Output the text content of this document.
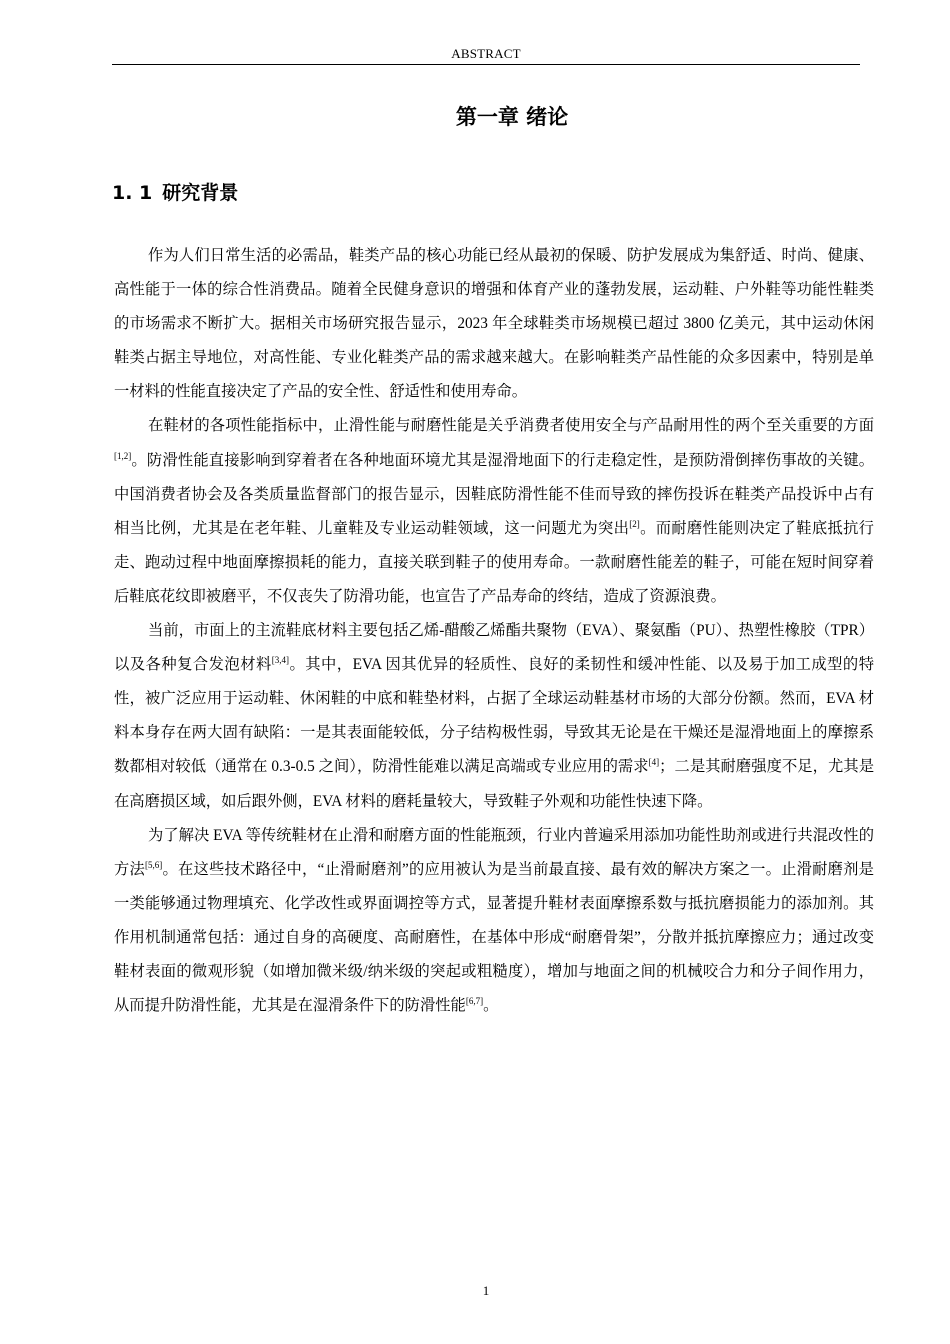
ABSTRACT
第一章 绪论
1. 1 研究背景

作为人们日常生活的必需品，鞋类产品的核心功能已经从最初的保暖、防护发展成为集舒适、时尚、健康、高性能于一体的综合性消费品。随着全民健身意识的增强和体育产业的蓬勃发展，运动鞋、户外鞋等功能性鞋类的市场需求不断扩大。据相关市场研究报告显示，2023 年全球鞋类市场规模已超过 3800 亿美元，其中运动休闲鞋类占据主导地位，对高性能、专业化鞋类产品的需求越来越大。在影响鞋类产品性能的众多因素中，特别是单一材料的性能直接决定了产品的安全性、舒适性和使用寿命。

在鞋材的各项性能指标中，止滑性能与耐磨性能是关乎消费者使用安全与产品耐用性的两个至关重要的方面[1,2]。防滑性能直接影响到穿着者在各种地面环境尤其是湿滑地面下的行走稳定性，是预防滑倒摔伤事故的关键。中国消费者协会及各类质量监督部门的报告显示，因鞋底防滑性能不佳而导致的摔伤投诉在鞋类产品投诉中占有相当比例，尤其是在老年鞋、儿童鞋及专业运动鞋领域，这一问题尤为突出[2]。而耐磨性能则决定了鞋底抵抗行走、跑动过程中地面摩擦损耗的能力，直接关联到鞋子的使用寿命。一款耐磨性能差的鞋子，可能在短时间穿着后鞋底花纹即被磨平，不仅丧失了防滑功能，也宣告了产品寿命的终结，造成了资源浪费。

当前，市面上的主流鞋底材料主要包括乙烯-醋酸乙烯酯共聚物（EVA）、聚氨酯（PU）、热塑性橡胶（TPR）以及各种复合发泡材料[3,4]。其中，EVA 因其优异的轻质性、良好的柔韧性和缓冲性能、以及易于加工成型的特性，被广泛应用于运动鞋、休闲鞋的中底和鞋垫材料，占据了全球运动鞋基材市场的大部分份额。然而，EVA 材料本身存在两大固有缺陷：一是其表面能较低，分子结构极性弱，导致其无论是在干燥还是湿滑地面上的摩擦系数都相对较低（通常在 0.3-0.5 之间），防滑性能难以满足高端或专业应用的需求[4]；二是其耐磨强度不足，尤其是在高磨损区域，如后跟外侧，EVA 材料的磨耗量较大，导致鞋子外观和功能性快速下降。

为了解决 EVA 等传统鞋材在止滑和耐磨方面的性能瓶颈，行业内普遍采用添加功能性助剂或进行共混改性的方法[5,6]。在这些技术路径中，“止滑耐磨剂”的应用被认为是当前最直接、最有效的解决方案之一。止滑耐磨剂是一类能够通过物理填充、化学改性或界面调控等方式，显著提升鞋材表面摩擦系数与抵抗磨损能力的添加剂。其作用机制通常包括：通过自身的高硬度、高耐磨性，在基体中形成“耐磨骨架”，分散并抵抗摩擦应力；通过改变鞋材表面的微观形貌（如增加微米级/纳米级的突起或粗糙度），增加与地面之间的机械咬合力和分子间作用力，从而提升防滑性能，尤其是在湿滑条件下的防滑性能[6,7]。

1
